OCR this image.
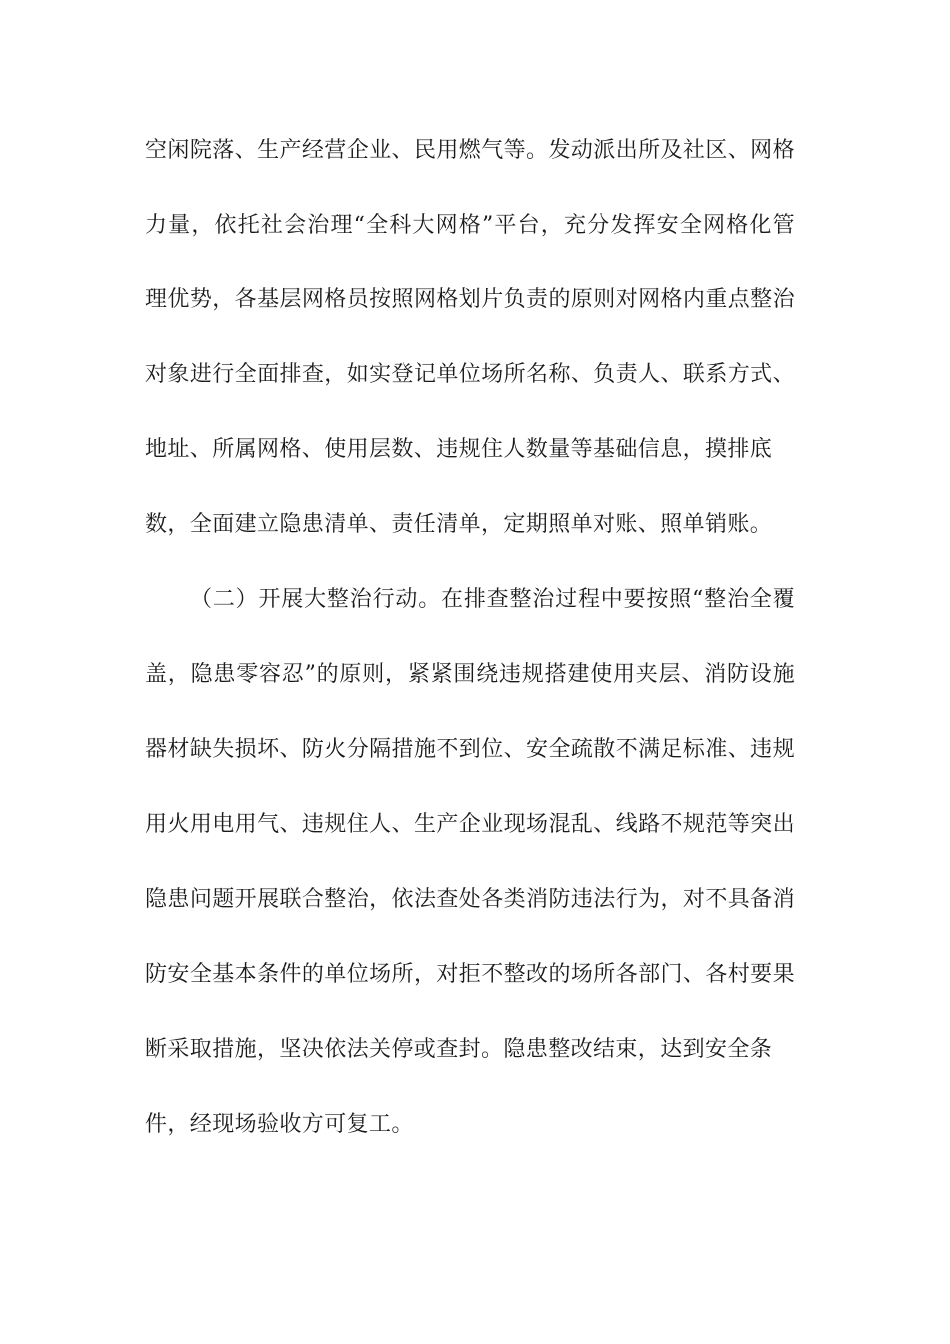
空闲院落、生产经营企业、民用燃气等。发动派出所及社区、网格
力量，依托社会治理“全科大网格”平台，充分发挥安全网格化管
理优势，各基层网格员按照网格划片负责的原则对网格内重点整治
对象进行全面排查，如实登记单位场所名称、负责人、联系方式、
地址、所属网格、使用层数、违规住人数量等基础信息，摸排底
数，全面建立隐患清单、责任清单，定期照单对账、照单销账。
（二）开展大整治行动。在排查整治过程中要按照“整治全覆
盖，隐患零容忍”的原则，紧紧围绕违规搭建使用夹层、消防设施
器材缺失损坏、防火分隔措施不到位、安全疏散不满足标准、违规
用火用电用气、违规住人、生产企业现场混乱、线路不规范等突出
隐患问题开展联合整治，依法查处各类消防违法行为，对不具备消
防安全基本条件的单位场所，对拒不整改的场所各部门、各村要果
断采取措施，坚决依法关停或查封。隐患整改结束，达到安全条
件，经现场验收方可复工。
